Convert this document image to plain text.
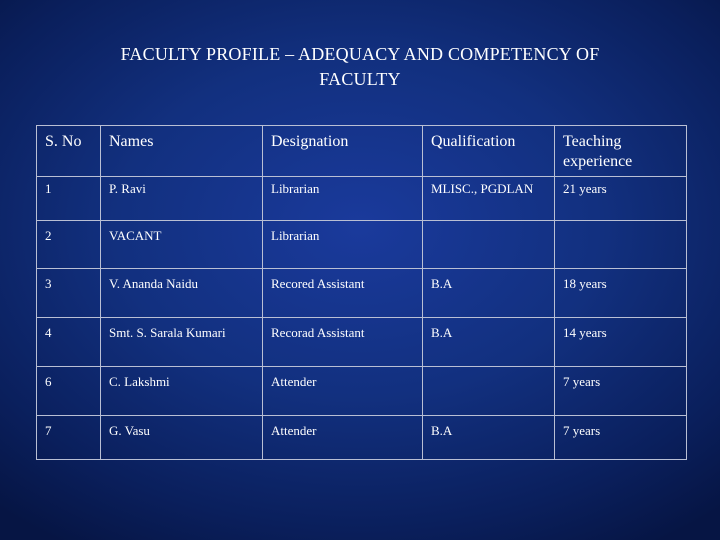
FACULTY PROFILE – ADEQUACY AND COMPETENCY OF
FACULTY
S. No	Names	Designation	Qualification	Teaching experience
1	P. Ravi	Librarian	MLISC., PGDLAN	21 years
2	VACANT	Librarian		
3	V. Ananda Naidu	Recored Assistant	B.A	18 years
4	Smt. S. Sarala Kumari	Recorad Assistant	B.A	14 years
6	C. Lakshmi	Attender		7 years
7	G. Vasu	Attender	B.A	7 years
